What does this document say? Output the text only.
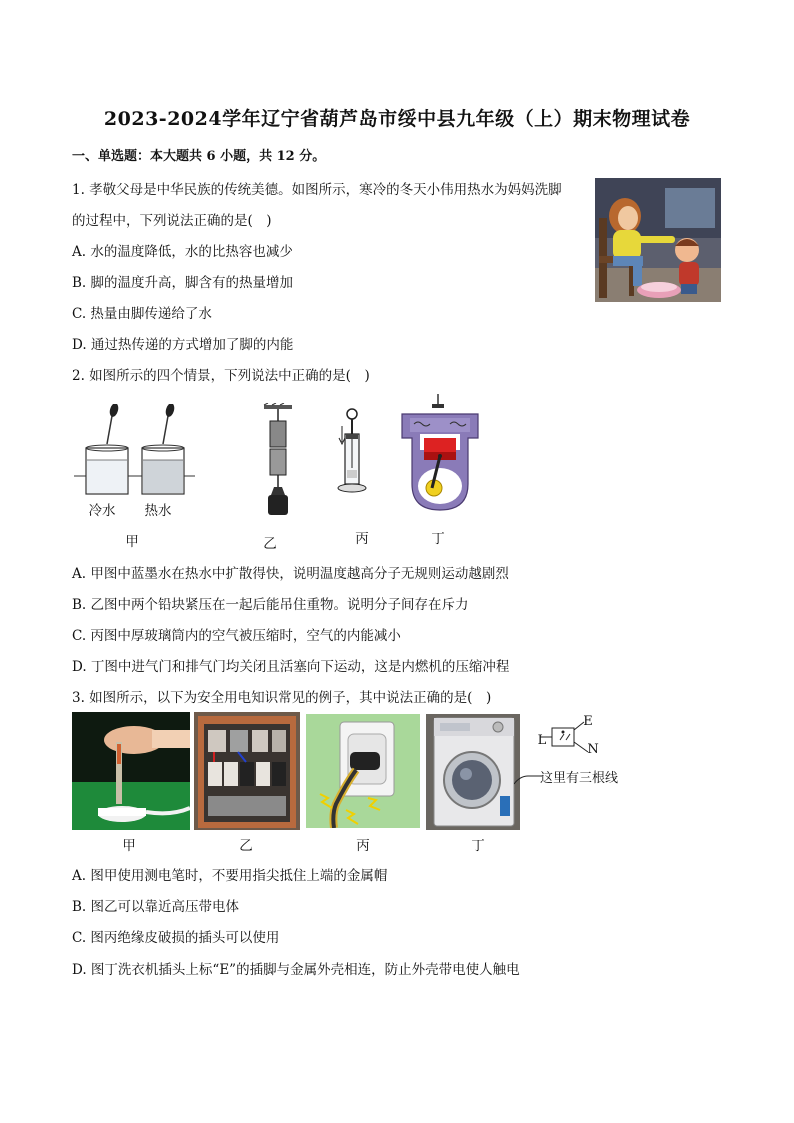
2023-2024学年辽宁省葫芦岛市绥中县九年级（上）期末物理试卷
一、单选题：本大题共 6 小题，共 12 分。
1. 孝敬父母是中华民族的传统美德。如图所示，寒冷的冬天小伟用热水为妈妈洗脚
的过程中，下列说法正确的是(　)
A. 水的温度降低，水的比热容也减少
B. 脚的温度升高，脚含有的热量增加
C. 热量由脚传递给了水
D. 通过热传递的方式增加了脚的内能
2. 如图所示的四个情景，下列说法中正确的是(　)
冷水	热水
甲	乙	丙	丁
A. 甲图中蓝墨水在热水中扩散得快，说明温度越高分子无规则运动越剧烈
B. 乙图中两个铅块紧压在一起后能吊住重物。说明分子间存在斥力
C. 丙图中厚玻璃筒内的空气被压缩时，空气的内能减小
D. 丁图中进气门和排气门均关闭且活塞向下运动，这是内燃机的压缩冲程
3. 如图所示，以下为安全用电知识常见的例子，其中说法正确的是(　)
甲	乙	丙	丁
E
L
N
这里有三根线
A. 图甲使用测电笔时，不要用指尖抵住上端的金属帽
B. 图乙可以靠近高压带电体
C. 图丙绝缘皮破损的插头可以使用
D. 图丁洗衣机插头上标“E”的插脚与金属外壳相连，防止外壳带电使人触电
